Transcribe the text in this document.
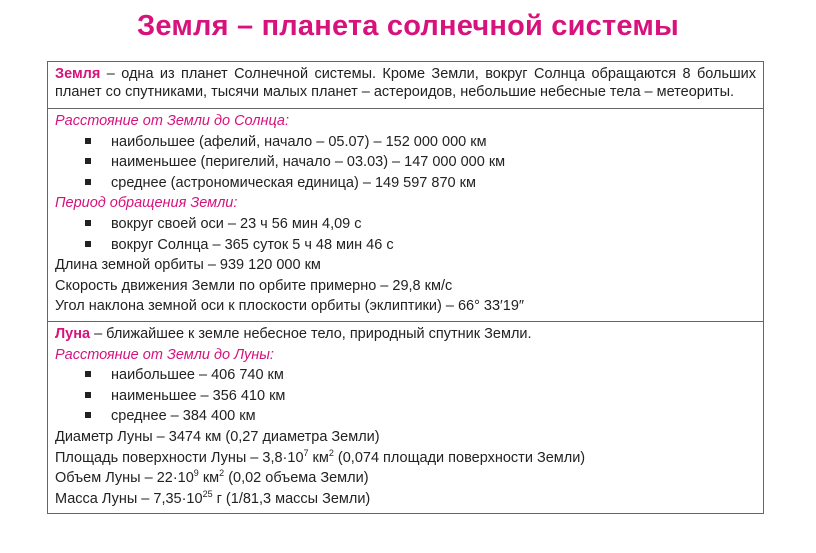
Земля – планета солнечной системы
Земля – одна из планет Солнечной системы. Кроме Земли, вокруг Солнца обращаются 8 больших планет со спутниками, тысячи малых планет – астероидов, небольшие небесные тела – метеориты.
Расстояние от Земли до Солнца:
наибольшее (афелий, начало – 05.07) – 152 000 000 км
наименьшее (перигелий, начало – 03.03) – 147 000 000 км
среднее (астрономическая единица) – 149 597 870 км
Период обращения Земли:
вокруг своей оси – 23 ч 56 мин 4,09 с
вокруг Солнца – 365 суток 5 ч 48 мин 46 с
Длина земной орбиты – 939 120 000 км
Скорость движения Земли по орбите примерно – 29,8 км/с
Угол наклона земной оси к плоскости орбиты (эклиптики) – 66° 33′19″
Луна – ближайшее к земле небесное тело, природный спутник Земли.
Расстояние от Земли до Луны:
наибольшее – 406 740 км
наименьшее – 356 410 км
среднее – 384 400 км
Диаметр Луны – 3474 км (0,27 диаметра Земли)
Площадь поверхности Луны – $3,8\cdot 10^7$ $км^2$ (0,074 площади поверхности Земли)
Объем Луны – $22\cdot 10^9$ $км^2$ (0,02 объема Земли)
Масса Луны – $7,35\cdot 10^{25}$ г (1/81,3 массы Земли)
